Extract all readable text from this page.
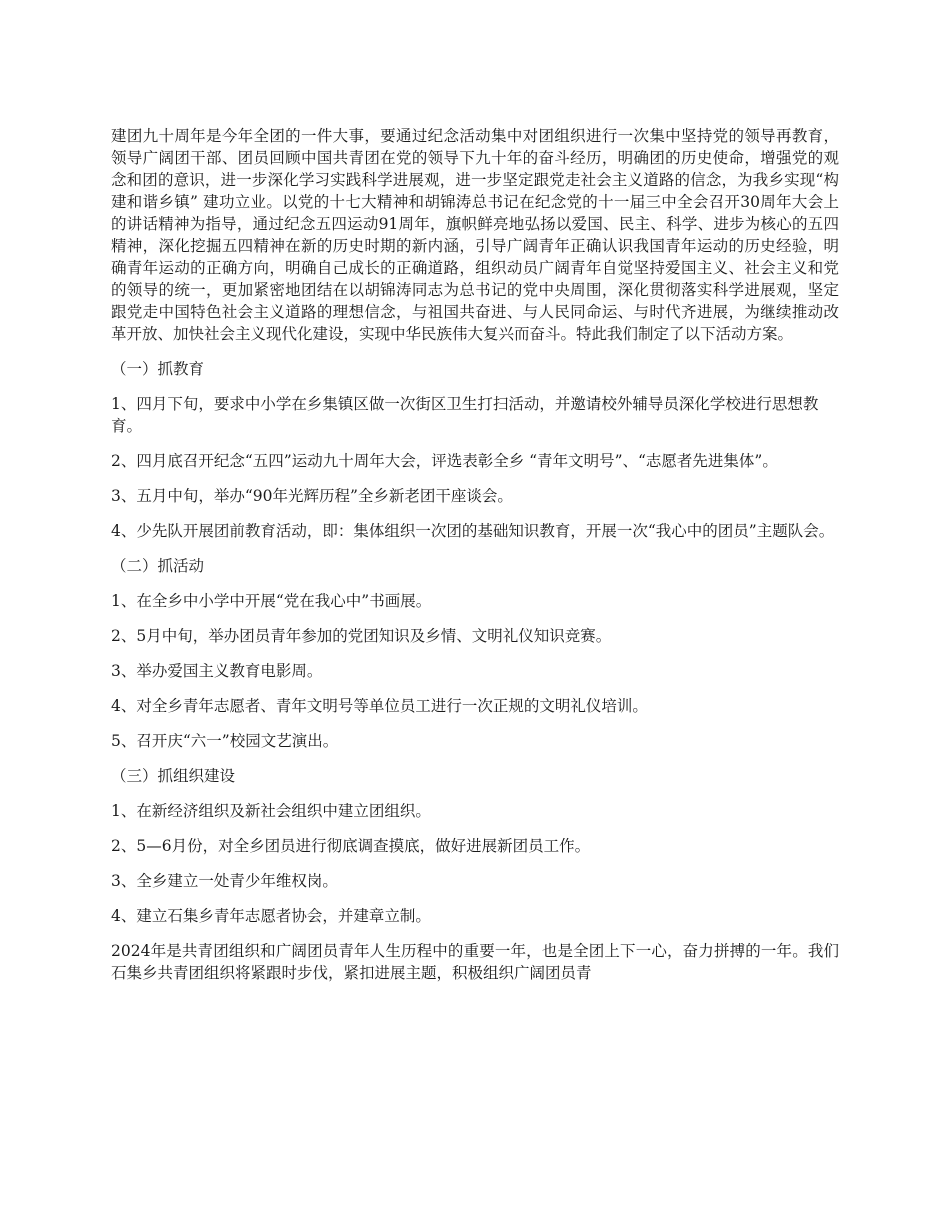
建团九十周年是今年全团的一件大事，要通过纪念活动集中对团组织进行一次集中坚持党的领导再教育，领导广阔团干部、团员回顾中国共青团在党的领导下九十年的奋斗经历，明确团的历史使命，增强党的观念和团的意识，进一步深化学习实践科学进展观，进一步坚定跟党走社会主义道路的信念，为我乡实现“构建和谐乡镇” 建功立业。以党的十七大精神和胡锦涛总书记在纪念党的十一届三中全会召开30周年大会上的讲话精神为指导，通过纪念五四运动91周年，旗帜鲜亮地弘扬以爱国、民主、科学、进步为核心的五四精神，深化挖掘五四精神在新的历史时期的新内涵，引导广阔青年正确认识我国青年运动的历史经验，明确青年运动的正确方向，明确自己成长的正确道路，组织动员广阔青年自觉坚持爱国主义、社会主义和党的领导的统一，更加紧密地团结在以胡锦涛同志为总书记的党中央周围，深化贯彻落实科学进展观，坚定跟党走中国特色社会主义道路的理想信念，与祖国共奋进、与人民同命运、与时代齐进展，为继续推动改革开放、加快社会主义现代化建设，实现中华民族伟大复兴而奋斗。特此我们制定了以下活动方案。

（一）抓教育

1、四月下旬，要求中小学在乡集镇区做一次街区卫生打扫活动，并邀请校外辅导员深化学校进行思想教育。

2、四月底召开纪念“五四”运动九十周年大会，评选表彰全乡 “青年文明号”、“志愿者先进集体”。

3、五月中旬，举办“90年光辉历程”全乡新老团干座谈会。

4、少先队开展团前教育活动，即：集体组织一次团的基础知识教育，开展一次“我心中的团员”主题队会。

（二）抓活动

1、在全乡中小学中开展“党在我心中”书画展。

2、5月中旬，举办团员青年参加的党团知识及乡情、文明礼仪知识竞赛。

3、举办爱国主义教育电影周。

4、对全乡青年志愿者、青年文明号等单位员工进行一次正规的文明礼仪培训。

5、召开庆“六一”校园文艺演出。

（三）抓组织建设

1、在新经济组织及新社会组织中建立团组织。

2、5—6月份，对全乡团员进行彻底调查摸底，做好进展新团员工作。

3、全乡建立一处青少年维权岗。

4、建立石集乡青年志愿者协会，并建章立制。

2024年是共青团组织和广阔团员青年人生历程中的重要一年，也是全团上下一心，奋力拼搏的一年。我们石集乡共青团组织将紧跟时步伐，紧扣进展主题，积极组织广阔团员青
